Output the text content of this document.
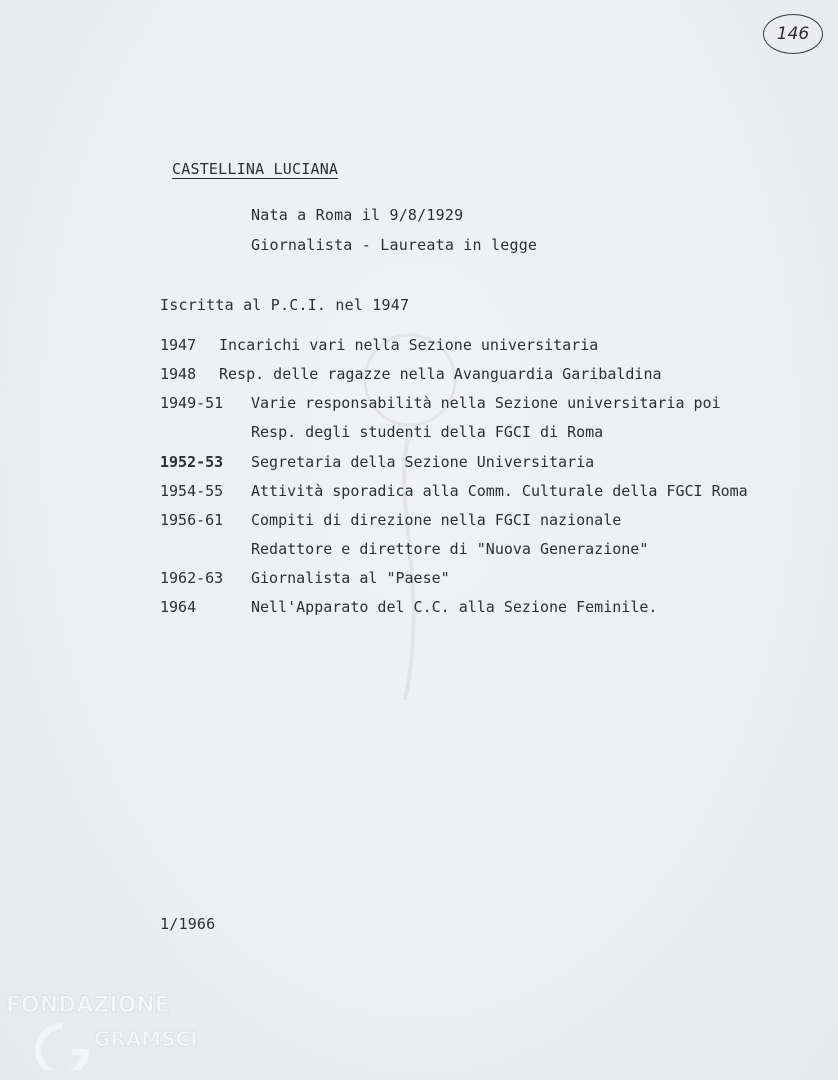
146
CASTELLINA LUCIANA
Nata a Roma il 9/8/1929
Giornalista - Laureata in legge
Iscritta al P.C.I. nel 1947
1947 Incarichi vari nella Sezione universitaria
1948 Resp. delle ragazze nella Avanguardia Garibaldina
1949-51 Varie responsabilità nella Sezione universitaria poi
Resp. degli studenti della FGCI di Roma
1952-53 Segretaria della Sezione Universitaria
1954-55 Attività sporadica alla Comm. Culturale della FGCI Roma
1956-61 Compiti di direzione nella FGCI nazionale
Redattore e direttore di "Nuova Generazione"
1962-63 Giornalista al "Paese"
1964	Nell'Apparato del C.C. alla Sezione Feminile.
1/1966
FONDAZIONE
GRAMSCI
